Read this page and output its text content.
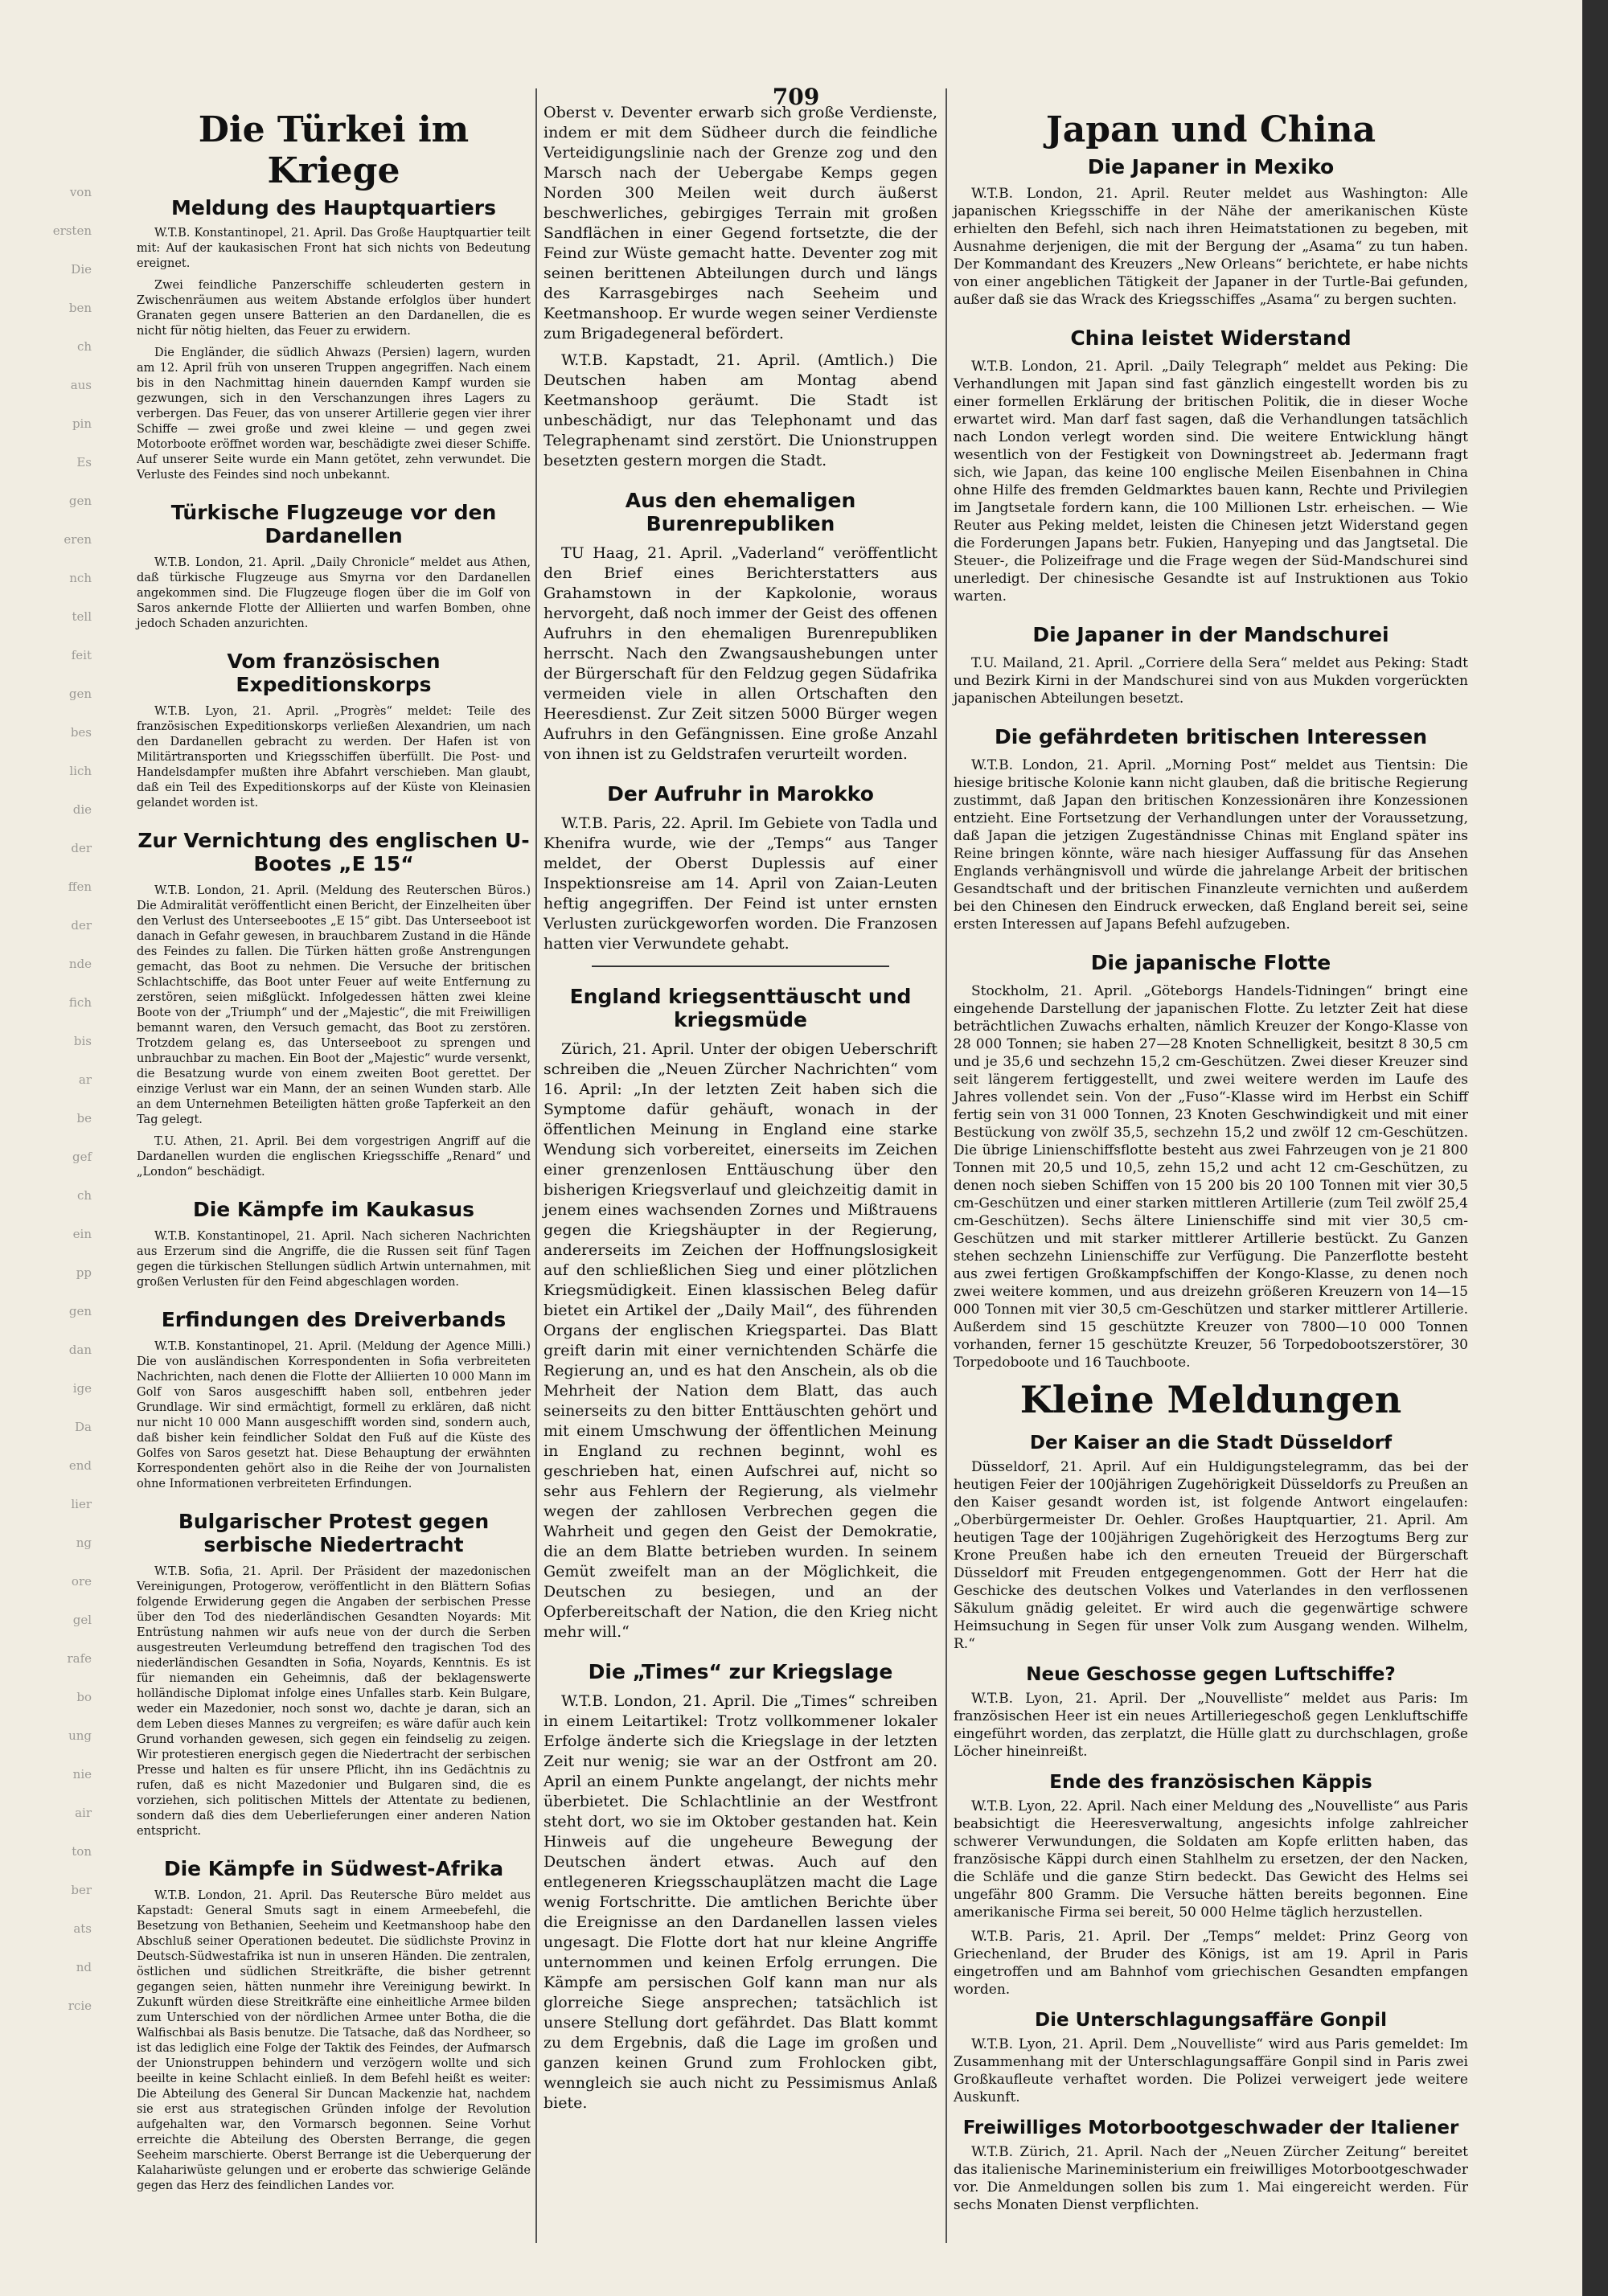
von
ersten
Die
ben
ch
aus
pin
Es
gen
eren
nch
tell
feit
gen
bes
lich
die
der
ffen
der
nde
fich
bis
ar
be
gef
ch
ein
pp
gen
dan
ige
Da
end
lier
ng
ore
gel
rafe
bo
ung
nie
air
ton
ber
ats
nd
rcie
709
Die Türkei im Kriege
Meldung des Hauptquartiers

W.T.B. Konstantinopel, 21. April. Das Große Hauptquartier teilt mit: Auf der kaukasischen Front hat sich nichts von Bedeutung ereignet.

Zwei feindliche Panzerschiffe schleuderten gestern in Zwischenräumen aus weitem Abstande erfolglos über hundert Granaten gegen unsere Batterien an den Dardanellen, die es nicht für nötig hielten, das Feuer zu erwidern.

Die Engländer, die südlich Ahwazs (Persien) lagern, wurden am 12. April früh von unseren Truppen angegriffen. Nach einem bis in den Nachmittag hinein dauernden Kampf wurden sie gezwungen, sich in den Verschanzungen ihres Lagers zu verbergen. Das Feuer, das von unserer Artillerie gegen vier ihrer Schiffe — zwei große und zwei kleine — und gegen zwei Motorboote eröffnet worden war, beschädigte zwei dieser Schiffe. Auf unserer Seite wurde ein Mann getötet, zehn verwundet. Die Verluste des Feindes sind noch unbekannt.

Türkische Flugzeuge vor den Dardanellen

W.T.B. London, 21. April. „Daily Chronicle“ meldet aus Athen, daß türkische Flugzeuge aus Smyrna vor den Dardanellen angekommen sind. Die Flugzeuge flogen über die im Golf von Saros ankernde Flotte der Alliierten und warfen Bomben, ohne jedoch Schaden anzurichten.

Vom französischen Expeditionskorps

W.T.B. Lyon, 21. April. „Progrès“ meldet: Teile des französischen Expeditionskorps verließen Alexandrien, um nach den Dardanellen gebracht zu werden. Der Hafen ist von Militärtransporten und Kriegsschiffen überfüllt. Die Post- und Handelsdampfer mußten ihre Abfahrt verschieben. Man glaubt, daß ein Teil des Expeditionskorps auf der Küste von Kleinasien gelandet worden ist.

Zur Vernichtung des englischen U-Bootes „E 15“

W.T.B. London, 21. April. (Meldung des Reuterschen Büros.) Die Admiralität veröffentlicht einen Bericht, der Einzelheiten über den Verlust des Unterseebootes „E 15“ gibt. Das Unterseeboot ist danach in Gefahr gewesen, in brauchbarem Zustand in die Hände des Feindes zu fallen. Die Türken hätten große Anstrengungen gemacht, das Boot zu nehmen. Die Versuche der britischen Schlachtschiffe, das Boot unter Feuer auf weite Entfernung zu zerstören, seien mißglückt. Infolgedessen hätten zwei kleine Boote von der „Triumph“ und der „Majestic“, die mit Freiwilligen bemannt waren, den Versuch gemacht, das Boot zu zerstören. Trotzdem gelang es, das Unterseeboot zu sprengen und unbrauchbar zu machen. Ein Boot der „Majestic“ wurde versenkt, die Besatzung wurde von einem zweiten Boot gerettet. Der einzige Verlust war ein Mann, der an seinen Wunden starb. Alle an dem Unternehmen Beteiligten hätten große Tapferkeit an den Tag gelegt.

T.U. Athen, 21. April. Bei dem vorgestrigen Angriff auf die Dardanellen wurden die englischen Kriegsschiffe „Renard“ und „London“ beschädigt.

Die Kämpfe im Kaukasus

W.T.B. Konstantinopel, 21. April. Nach sicheren Nachrichten aus Erzerum sind die Angriffe, die die Russen seit fünf Tagen gegen die türkischen Stellungen südlich Artwin unternahmen, mit großen Verlusten für den Feind abgeschlagen worden.

Erfindungen des Dreiverbands

W.T.B. Konstantinopel, 21. April. (Meldung der Agence Milli.) Die von ausländischen Korrespondenten in Sofia verbreiteten Nachrichten, nach denen die Flotte der Alliierten 10 000 Mann im Golf von Saros ausgeschifft haben soll, entbehren jeder Grundlage. Wir sind ermächtigt, formell zu erklären, daß nicht nur nicht 10 000 Mann ausgeschifft worden sind, sondern auch, daß bisher kein feindlicher Soldat den Fuß auf die Küste des Golfes von Saros gesetzt hat. Diese Behauptung der erwähnten Korrespondenten gehört also in die Reihe der von Journalisten ohne Informationen verbreiteten Erfindungen.

Bulgarischer Protest gegen serbische Niedertracht

W.T.B. Sofia, 21. April. Der Präsident der mazedonischen Vereinigungen, Protogerow, veröffentlicht in den Blättern Sofias folgende Erwiderung gegen die Angaben der serbischen Presse über den Tod des niederländischen Gesandten Noyards: Mit Entrüstung nahmen wir aufs neue von der durch die Serben ausgestreuten Verleumdung betreffend den tragischen Tod des niederländischen Gesandten in Sofia, Noyards, Kenntnis. Es ist für niemanden ein Geheimnis, daß der beklagenswerte holländische Diplomat infolge eines Unfalles starb. Kein Bulgare, weder ein Mazedonier, noch sonst wo, dachte je daran, sich an dem Leben dieses Mannes zu vergreifen; es wäre dafür auch kein Grund vorhanden gewesen, sich gegen ein feindselig zu zeigen. Wir protestieren energisch gegen die Niedertracht der serbischen Presse und halten es für unsere Pflicht, ihn ins Gedächtnis zu rufen, daß es nicht Mazedonier und Bulgaren sind, die es vorziehen, sich politischen Mittels der Attentate zu bedienen, sondern daß dies dem Ueberlieferungen einer anderen Nation entspricht.

Die Kämpfe in Südwest-Afrika

W.T.B. London, 21. April. Das Reutersche Büro meldet aus Kapstadt: General Smuts sagt in einem Armeebefehl, die Besetzung von Bethanien, Seeheim und Keetmanshoop habe den Abschluß seiner Operationen bedeutet. Die südlichste Provinz in Deutsch-Südwestafrika ist nun in unseren Händen. Die zentralen, östlichen und südlichen Streitkräfte, die bisher getrennt gegangen seien, hätten nunmehr ihre Vereinigung bewirkt. In Zukunft würden diese Streitkräfte eine einheitliche Armee bilden zum Unterschied von der nördlichen Armee unter Botha, die die Walfischbai als Basis benutze. Die Tatsache, daß das Nordheer, so ist das lediglich eine Folge der Taktik des Feindes, der Aufmarsch der Unionstruppen behindern und verzögern wollte und sich beeilte in keine Schlacht einließ. In dem Befehl heißt es weiter: Die Abteilung des General Sir Duncan Mackenzie hat, nachdem sie erst aus strategischen Gründen infolge der Revolution aufgehalten war, den Vormarsch begonnen. Seine Vorhut erreichte die Abteilung des Obersten Berrange, die gegen Seeheim marschierte. Oberst Berrange ist die Ueberquerung der Kalahariwüste gelungen und er eroberte das schwierige Gelände gegen das Herz des feindlichen Landes vor.

Oberst v. Deventer erwarb sich große Verdienste, indem er mit dem Südheer durch die feindliche Verteidigungslinie nach der Grenze zog und den Marsch nach der Uebergabe Kemps gegen Norden 300 Meilen weit durch äußerst beschwerliches, gebirgiges Terrain mit großen Sandflächen in einer Gegend fortsetzte, die der Feind zur Wüste gemacht hatte. Deventer zog mit seinen berittenen Abteilungen durch und längs des Karrasgebirges nach Seeheim und Keetmanshoop. Er wurde wegen seiner Verdienste zum Brigadegeneral befördert.

W.T.B. Kapstadt, 21. April. (Amtlich.) Die Deutschen haben am Montag abend Keetmanshoop geräumt. Die Stadt ist unbeschädigt, nur das Telephonamt und das Telegraphenamt sind zerstört. Die Unionstruppen besetzten gestern morgen die Stadt.

Aus den ehemaligen Burenrepubliken

TU Haag, 21. April. „Vaderland“ veröffentlicht den Brief eines Berichterstatters aus Grahamstown in der Kapkolonie, woraus hervorgeht, daß noch immer der Geist des offenen Aufruhrs in den ehemaligen Burenrepubliken herrscht. Nach den Zwangsaushebungen unter der Bürgerschaft für den Feldzug gegen Südafrika vermeiden viele in allen Ortschaften den Heeresdienst. Zur Zeit sitzen 5000 Bürger wegen Aufruhrs in den Gefängnissen. Eine große Anzahl von ihnen ist zu Geldstrafen verurteilt worden.

Der Aufruhr in Marokko

W.T.B. Paris, 22. April. Im Gebiete von Tadla und Khenifra wurde, wie der „Temps“ aus Tanger meldet, der Oberst Duplessis auf einer Inspektionsreise am 14. April von Zaian-Leuten heftig angegriffen. Der Feind ist unter ernsten Verlusten zurückgeworfen worden. Die Franzosen hatten vier Verwundete gehabt.

England kriegsenttäuscht und kriegsmüde

Zürich, 21. April. Unter der obigen Ueberschrift schreiben die „Neuen Zürcher Nachrichten“ vom 16. April: „In der letzten Zeit haben sich die Symptome dafür gehäuft, wonach in der öffentlichen Meinung in England eine starke Wendung sich vorbereitet, einerseits im Zeichen einer grenzenlosen Enttäuschung über den bisherigen Kriegsverlauf und gleichzeitig damit in jenem eines wachsenden Zornes und Mißtrauens gegen die Kriegshäupter in der Regierung, andererseits im Zeichen der Hoffnungslosigkeit auf den schließlichen Sieg und einer plötzlichen Kriegsmüdigkeit. Einen klassischen Beleg dafür bietet ein Artikel der „Daily Mail“, des führenden Organs der englischen Kriegspartei. Das Blatt greift darin mit einer vernichtenden Schärfe die Regierung an, und es hat den Anschein, als ob die Mehrheit der Nation dem Blatt, das auch seinerseits zu den bitter Enttäuschten gehört und mit einem Umschwung der öffentlichen Meinung in England zu rechnen beginnt, wohl es geschrieben hat, einen Aufschrei auf, nicht so sehr aus Fehlern der Regierung, als vielmehr wegen der zahllosen Verbrechen gegen die Wahrheit und gegen den Geist der Demokratie, die an dem Blatte betrieben wurden. In seinem Gemüt zweifelt man an der Möglichkeit, die Deutschen zu besiegen, und an der Opferbereitschaft der Nation, die den Krieg nicht mehr will.“

Die „Times“ zur Kriegslage

W.T.B. London, 21. April. Die „Times“ schreiben in einem Leitartikel: Trotz vollkommener lokaler Erfolge änderte sich die Kriegslage in der letzten Zeit nur wenig; sie war an der Ostfront am 20. April an einem Punkte angelangt, der nichts mehr überbietet. Die Schlachtlinie an der Westfront steht dort, wo sie im Oktober gestanden hat. Kein Hinweis auf die ungeheure Bewegung der Deutschen ändert etwas. Auch auf den entlegeneren Kriegsschauplätzen macht die Lage wenig Fortschritte. Die amtlichen Berichte über die Ereignisse an den Dardanellen lassen vieles ungesagt. Die Flotte dort hat nur kleine Angriffe unternommen und keinen Erfolg errungen. Die Kämpfe am persischen Golf kann man nur als glorreiche Siege ansprechen; tatsächlich ist unsere Stellung dort gefährdet. Das Blatt kommt zu dem Ergebnis, daß die Lage im großen und ganzen keinen Grund zum Frohlocken gibt, wenngleich sie auch nicht zu Pessimismus Anlaß biete.

Japan und China
Die Japaner in Mexiko

W.T.B. London, 21. April. Reuter meldet aus Washington: Alle japanischen Kriegsschiffe in der Nähe der amerikanischen Küste erhielten den Befehl, sich nach ihren Heimatstationen zu begeben, mit Ausnahme derjenigen, die mit der Bergung der „Asama“ zu tun haben. Der Kommandant des Kreuzers „New Orleans“ berichtete, er habe nichts von einer angeblichen Tätigkeit der Japaner in der Turtle-Bai gefunden, außer daß sie das Wrack des Kriegsschiffes „Asama“ zu bergen suchten.

China leistet Widerstand

W.T.B. London, 21. April. „Daily Telegraph“ meldet aus Peking: Die Verhandlungen mit Japan sind fast gänzlich eingestellt worden bis zu einer formellen Erklärung der britischen Politik, die in dieser Woche erwartet wird. Man darf fast sagen, daß die Verhandlungen tatsächlich nach London verlegt worden sind. Die weitere Entwicklung hängt wesentlich von der Festigkeit von Downingstreet ab. Jedermann fragt sich, wie Japan, das keine 100 englische Meilen Eisenbahnen in China ohne Hilfe des fremden Geldmarktes bauen kann, Rechte und Privilegien im Jangtsetale fordern kann, die 100 Millionen Lstr. erheischen. — Wie Reuter aus Peking meldet, leisten die Chinesen jetzt Widerstand gegen die Forderungen Japans betr. Fukien, Hanyeping und das Jangtsetal. Die Steuer-, die Polizeifrage und die Frage wegen der Süd-Mandschurei sind unerledigt. Der chinesische Gesandte ist auf Instruktionen aus Tokio warten.

Die Japaner in der Mandschurei

T.U. Mailand, 21. April. „Corriere della Sera“ meldet aus Peking: Stadt und Bezirk Kirni in der Mandschurei sind von aus Mukden vorgerückten japanischen Abteilungen besetzt.

Die gefährdeten britischen Interessen

W.T.B. London, 21. April. „Morning Post“ meldet aus Tientsin: Die hiesige britische Kolonie kann nicht glauben, daß die britische Regierung zustimmt, daß Japan den britischen Konzessionären ihre Konzessionen entzieht. Eine Fortsetzung der Verhandlungen unter der Voraussetzung, daß Japan die jetzigen Zugeständnisse Chinas mit England später ins Reine bringen könnte, wäre nach hiesiger Auffassung für das Ansehen Englands verhängnisvoll und würde die jahrelange Arbeit der britischen Gesandtschaft und der britischen Finanzleute vernichten und außerdem bei den Chinesen den Eindruck erwecken, daß England bereit sei, seine ersten Interessen auf Japans Befehl aufzugeben.

Die japanische Flotte

Stockholm, 21. April. „Göteborgs Handels-Tidningen“ bringt eine eingehende Darstellung der japanischen Flotte. Zu letzter Zeit hat diese beträchtlichen Zuwachs erhalten, nämlich Kreuzer der Kongo-Klasse von 28 000 Tonnen; sie haben 27—28 Knoten Schnelligkeit, besitzt 8 30,5 cm und je 35,6 und sechzehn 15,2 cm-Geschützen. Zwei dieser Kreuzer sind seit längerem fertiggestellt, und zwei weitere werden im Laufe des Jahres vollendet sein. Von der „Fuso“-Klasse wird im Herbst ein Schiff fertig sein von 31 000 Tonnen, 23 Knoten Geschwindigkeit und mit einer Bestückung von zwölf 35,5, sechzehn 15,2 und zwölf 12 cm-Geschützen. Die übrige Linienschiffsflotte besteht aus zwei Fahrzeugen von je 21 800 Tonnen mit 20,5 und 10,5, zehn 15,2 und acht 12 cm-Geschützen, zu denen noch sieben Schiffen von 15 200 bis 20 100 Tonnen mit vier 30,5 cm-Geschützen und einer starken mittleren Artillerie (zum Teil zwölf 25,4 cm-Geschützen). Sechs ältere Linienschiffe sind mit vier 30,5 cm-Geschützen und mit starker mittlerer Artillerie bestückt. Zu Ganzen stehen sechzehn Linienschiffe zur Verfügung. Die Panzerflotte besteht aus zwei fertigen Großkampfschiffen der Kongo-Klasse, zu denen noch zwei weitere kommen, und aus dreizehn größeren Kreuzern von 14—15 000 Tonnen mit vier 30,5 cm-Geschützen und starker mittlerer Artillerie. Außerdem sind 15 geschützte Kreuzer von 7800—10 000 Tonnen vorhanden, ferner 15 geschützte Kreuzer, 56 Torpedobootszerstörer, 30 Torpedoboote und 16 Tauchboote.

Kleine Meldungen
Der Kaiser an die Stadt Düsseldorf

Düsseldorf, 21. April. Auf ein Huldigungstelegramm, das bei der heutigen Feier der 100jährigen Zugehörigkeit Düsseldorfs zu Preußen an den Kaiser gesandt worden ist, ist folgende Antwort eingelaufen: „Oberbürgermeister Dr. Oehler. Großes Hauptquartier, 21. April. Am heutigen Tage der 100jährigen Zugehörigkeit des Herzogtums Berg zur Krone Preußen habe ich den erneuten Treueid der Bürgerschaft Düsseldorf mit Freuden entgegengenommen. Gott der Herr hat die Geschicke des deutschen Volkes und Vaterlandes in den verflossenen Säkulum gnädig geleitet. Er wird auch die gegenwärtige schwere Heimsuchung in Segen für unser Volk zum Ausgang wenden. Wilhelm, R.“

Neue Geschosse gegen Luftschiffe?

W.T.B. Lyon, 21. April. Der „Nouvelliste“ meldet aus Paris: Im französischen Heer ist ein neues Artilleriegeschoß gegen Lenkluftschiffe eingeführt worden, das zerplatzt, die Hülle glatt zu durchschlagen, große Löcher hineinreißt.

Ende des französischen Käppis

W.T.B. Lyon, 22. April. Nach einer Meldung des „Nouvelliste“ aus Paris beabsichtigt die Heeresverwaltung, angesichts infolge zahlreicher schwerer Verwundungen, die Soldaten am Kopfe erlitten haben, das französische Käppi durch einen Stahlhelm zu ersetzen, der den Nacken, die Schläfe und die ganze Stirn bedeckt. Das Gewicht des Helms sei ungefähr 800 Gramm. Die Versuche hätten bereits begonnen. Eine amerikanische Firma sei bereit, 50 000 Helme täglich herzustellen.

W.T.B. Paris, 21. April. Der „Temps“ meldet: Prinz Georg von Griechenland, der Bruder des Königs, ist am 19. April in Paris eingetroffen und am Bahnhof vom griechischen Gesandten empfangen worden.

Die Unterschlagungsaffäre Gonpil

W.T.B. Lyon, 21. April. Dem „Nouvelliste“ wird aus Paris gemeldet: Im Zusammenhang mit der Unterschlagungsaffäre Gonpil sind in Paris zwei Großkaufleute verhaftet worden. Die Polizei verweigert jede weitere Auskunft.

Freiwilliges Motorbootgeschwader der Italiener

W.T.B. Zürich, 21. April. Nach der „Neuen Zürcher Zeitung“ bereitet das italienische Marineministerium ein freiwilliges Motorbootgeschwader vor. Die Anmeldungen sollen bis zum 1. Mai eingereicht werden. Für sechs Monaten Dienst verpflichten.
